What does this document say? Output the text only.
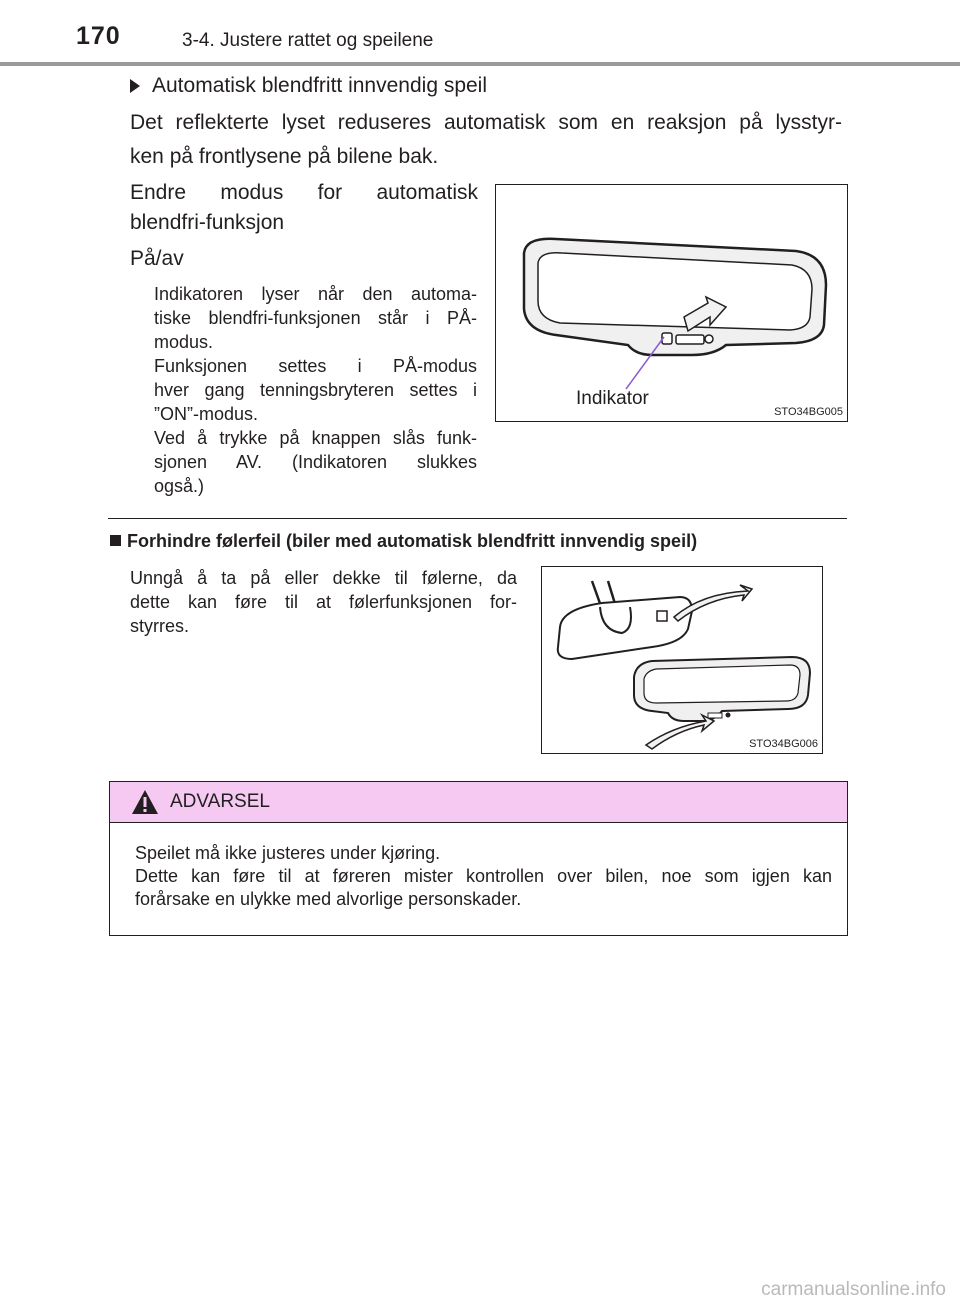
170	3-4. Justere rattet og speilene
Automatisk blendfritt innvendig speil
Det reflekterte lyset reduseres automatisk som en reaksjon på lysstyr-
ken på frontlysene på bilene bak.
Endre modus for automatisk
blendfri-funksjon
På/av
Indikatoren lyser når den automa-
tiske blendfri-funksjonen står i PÅ-
modus.
Funksjonen settes i PÅ-modus
hver gang tenningsbryteren settes i
”ON”-modus.
Ved å trykke på knappen slås funk-
sjonen AV. (Indikatoren slukkes
også.)
Indikator
STO34BG005
Forhindre følerfeil (biler med automatisk blendfritt innvendig speil)
Unngå å ta på eller dekke til følerne, da
dette kan føre til at følerfunksjonen for-
styrres.
STO34BG006
ADVARSEL
Speilet må ikke justeres under kjøring.
Dette kan føre til at føreren mister kontrollen over bilen, noe som igjen kan
forårsake en ulykke med alvorlige personskader.
carmanualsonline.info
